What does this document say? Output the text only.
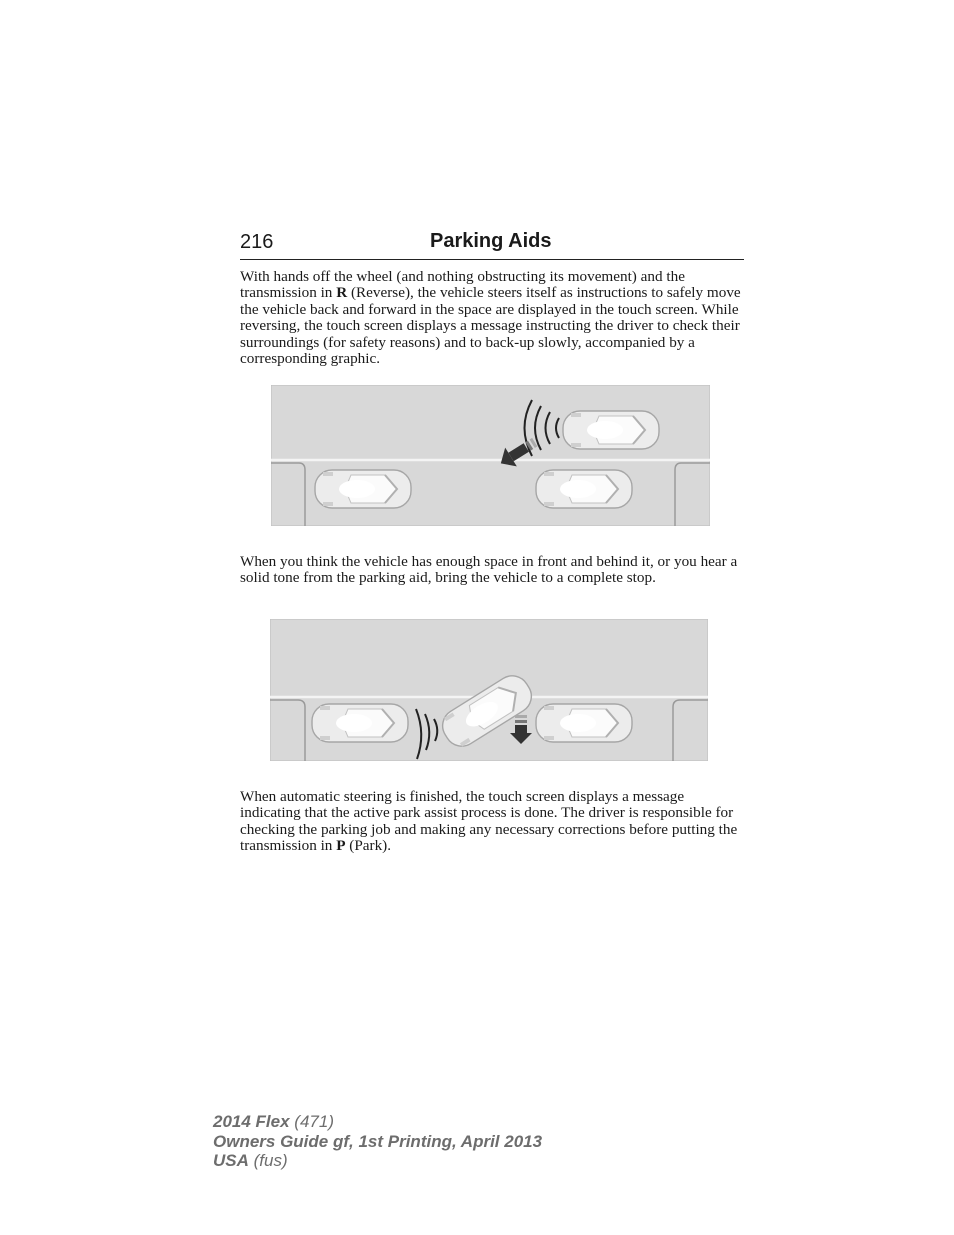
216	Parking Aids
With hands off the wheel (and nothing obstructing its movement) and the transmission in R (Reverse), the vehicle steers itself as instructions to safely move the vehicle back and forward in the space are displayed in the touch screen. While reversing, the touch screen displays a message instructing the driver to check their surroundings (for safety reasons) and to back-up slowly, accompanied by a corresponding graphic.
When you think the vehicle has enough space in front and behind it, or you hear a solid tone from the parking aid, bring the vehicle to a complete stop.
When automatic steering is finished, the touch screen displays a message indicating that the active park assist process is done. The driver is responsible for checking the parking job and making any necessary corrections before putting the transmission in P (Park).
2014 Flex (471)
Owners Guide gf, 1st Printing, April 2013
USA (fus)
